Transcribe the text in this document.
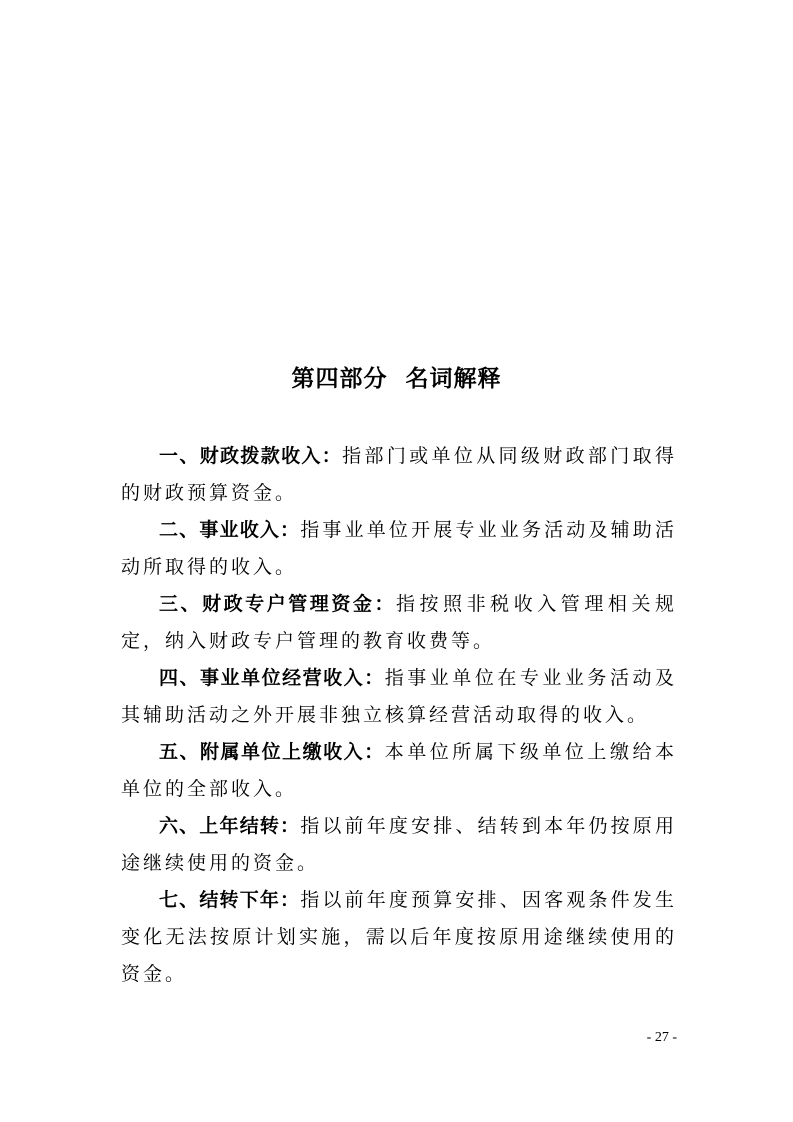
第四部分  名词解释

一、财政拨款收入：指部门或单位从同级财政部门取得的财政预算资金。

二、事业收入：指事业单位开展专业业务活动及辅助活动所取得的收入。

三、财政专户管理资金：指按照非税收入管理相关规定，纳入财政专户管理的教育收费等。

四、事业单位经营收入：指事业单位在专业业务活动及其辅助活动之外开展非独立核算经营活动取得的收入。

五、附属单位上缴收入：本单位所属下级单位上缴给本单位的全部收入。

六、上年结转：指以前年度安排、结转到本年仍按原用途继续使用的资金。

七、结转下年：指以前年度预算安排、因客观条件发生变化无法按原计划实施，需以后年度按原用途继续使用的资金。

- 27 -
